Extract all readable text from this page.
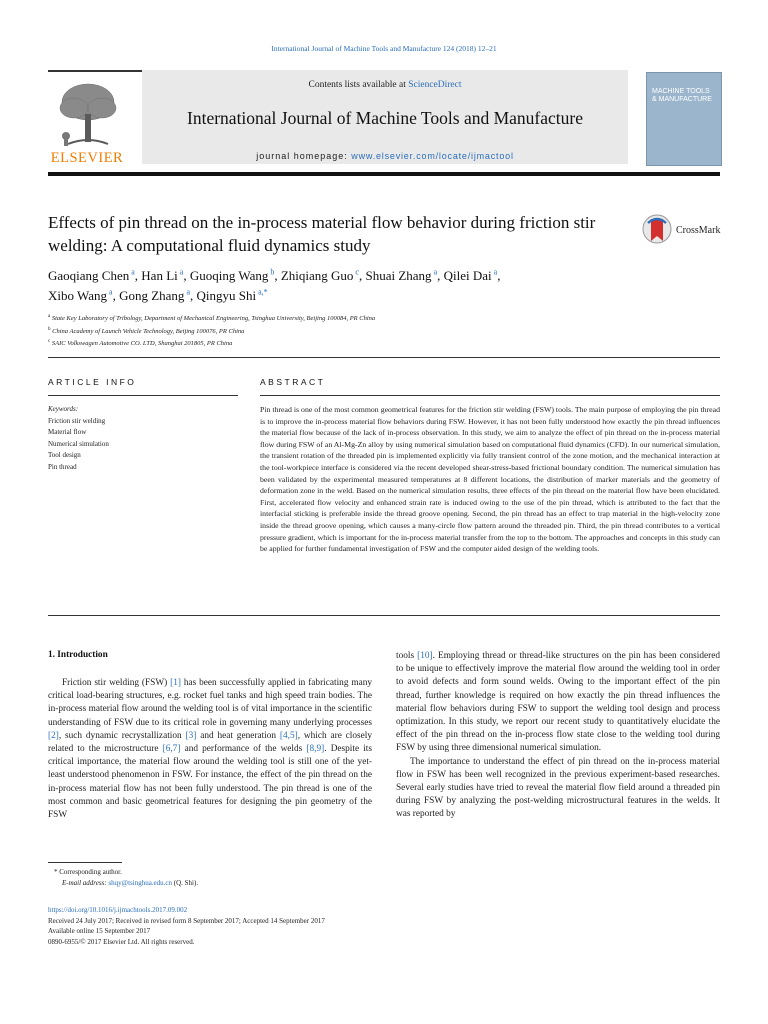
International Journal of Machine Tools and Manufacture 124 (2018) 12–21
Contents lists available at ScienceDirect
International Journal of Machine Tools and Manufacture
journal homepage: www.elsevier.com/locate/ijmactool
ELSEVIER
MACHINE TOOLS & MANUFACTURE
Effects of pin thread on the in-process material flow behavior during friction stir welding: A computational fluid dynamics study
CrossMark
Gaoqiang Chen $^a$, Han Li $^a$, Guoqing Wang $^b$, Zhiqiang Guo $^c$, Shuai Zhang $^a$, Qilei Dai $^a$,
Xibo Wang $^a$, Gong Zhang $^a$, Qingyu Shi $^{a,*}$
$^a$ State Key Laboratory of Tribology, Department of Mechanical Engineering, Tsinghua University, Beijing 100084, PR China
$^b$ China Academy of Launch Vehicle Technology, Beijing 100076, PR China
$^c$ SAIC Volkswagen Automotive CO. LTD, Shanghai 201805, PR China
ARTICLE INFO	ABSTRACT
Keywords:
Friction stir welding
Material flow
Numerical simulation
Tool design
Pin thread
Pin thread is one of the most common geometrical features for the friction stir welding (FSW) tools. The main purpose of employing the pin thread is to improve the in-process material flow behaviors during FSW. However, it has not been fully understood how exactly the pin thread influences the material flow because of the lack of in-process observation. In this study, we aim to analyze the effect of pin thread on the in-process material flow during FSW of an Al-Mg-Zn alloy by using numerical simulation based on computational fluid dynamics (CFD). In our numerical simulation, the transient rotation of the threaded pin is implemented explicitly via fully transient control of the zone motion, and the mechanical interaction at the tool-workpiece interface is considered via the recent developed shear-stress-based frictional boundary condition. The numerical simulation has been validated by the experimental measured temperatures at 8 different locations, the distribution of marker materials and the geometry of deformation zone in the weld. Based on the numerical simulation results, three effects of the pin thread on the material flow have been elucidated. First, accelerated flow velocity and enhanced strain rate is induced owing to the use of the pin thread, which is attributed to the fact that the interfacial sticking is preferable inside the thread groove opening. Second, the pin thread has an effect to trap material in the high-velocity zone inside the thread groove opening, which causes a many-circle flow pattern around the threaded pin. Third, the pin thread contributes to a vertical pressure gradient, which is important for the in-process material transfer from the top to the bottom. The approaches and concepts in this study can be applied for further fundamental investigation of FSW and the computer aided design of the welding tools.
1. Introduction

Friction stir welding (FSW) [1] has been successfully applied in fabricating many critical load-bearing structures, e.g. rocket fuel tanks and high speed train bodies. The in-process material flow around the welding tool is of vital importance in the scientific understanding of FSW due to its critical role in governing many underlying processes [2], such dynamic recrystallization [3] and heat generation [4,5], which are closely related to the microstructure [6,7] and performance of the welds [8,9]. Despite its critical importance, the material flow around the welding tool is still one of the yet-least understood phenomenon in FSW. For instance, the effect of the pin thread on the in-process material flow has not been fully understood. The pin thread is one of the most common and basic geometrical features for designing the pin geometry of the FSW

tools [10]. Employing thread or thread-like structures on the pin has been considered to be unique to effectively improve the material flow around the welding tool in order to avoid defects and form sound welds. Owing to the important effect of the pin thread, further knowledge is required on how exactly the pin thread influences the material flow behaviors during FSW to support the welding tool design and process optimization. In this study, we report our recent study to quantitatively elucidate the effect of the pin thread on the in-process flow state close to the welding tool during FSW by using three dimensional numerical simulation.

The importance to understand the effect of pin thread on the in-process material flow in FSW has been well recognized in the previous experiment-based researches. Several early studies have tried to reveal the material flow field around a threaded pin during FSW by analyzing the post-welding microstructural features in the welds. It was reported by

* Corresponding author.
E-mail address: shqy@tsinghua.edu.cn (Q. Shi).
https://doi.org/10.1016/j.ijmachtools.2017.09.002
Received 24 July 2017; Received in revised form 8 September 2017; Accepted 14 September 2017
Available online 15 September 2017
0890-6955/© 2017 Elsevier Ltd. All rights reserved.
